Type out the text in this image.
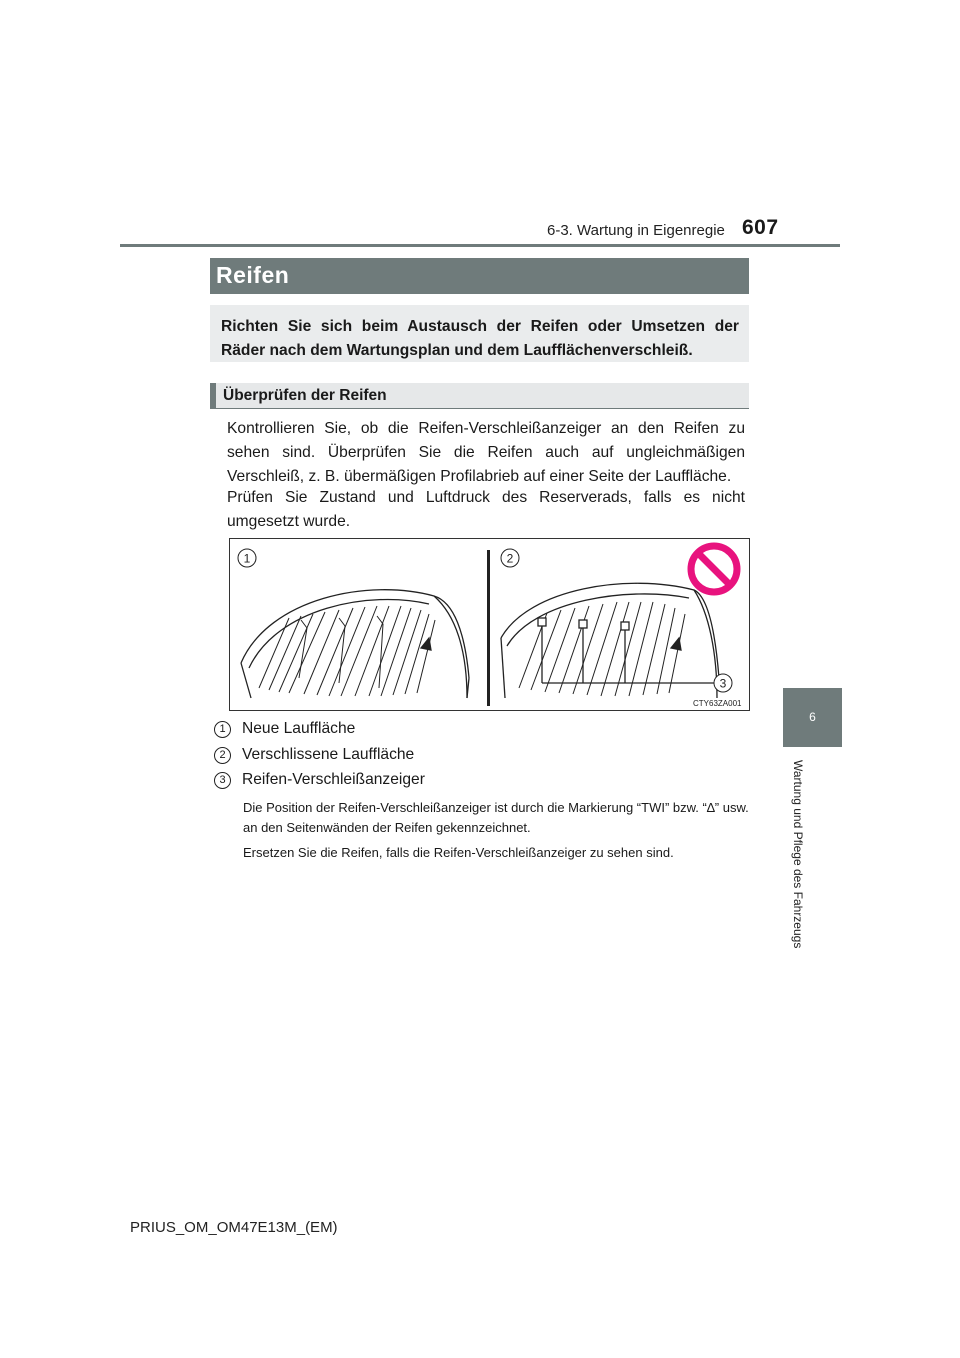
607
6-3. Wartung in Eigenregie
Reifen
Richten Sie sich beim Austausch der Reifen oder Umsetzen der Räder nach dem Wartungsplan und dem Laufflächenverschleiß.
Überprüfen der Reifen
Kontrollieren Sie, ob die Reifen-Verschleißanzeiger an den Reifen zu sehen sind. Überprüfen Sie die Reifen auch auf ungleichmäßigen Verschleiß, z. B. übermäßigen Profilabrieb auf einer Seite der Lauffläche.
Prüfen Sie Zustand und Luftdruck des Reserverads, falls es nicht umgesetzt wurde.
1	2
3
CTY63ZA001
1	Neue Lauffläche
2	Verschlissene Lauffläche
3	Reifen-Verschleißanzeiger
Die Position der Reifen-Verschleißanzeiger ist durch die Markierung “TWI” bzw. “∆” usw. an den Seitenwänden der Reifen gekennzeichnet.
Ersetzen Sie die Reifen, falls die Reifen-Verschleißanzeiger zu sehen sind.
6
Wartung und Pflege des Fahrzeugs
PRIUS_OM_OM47E13M_(EM)
